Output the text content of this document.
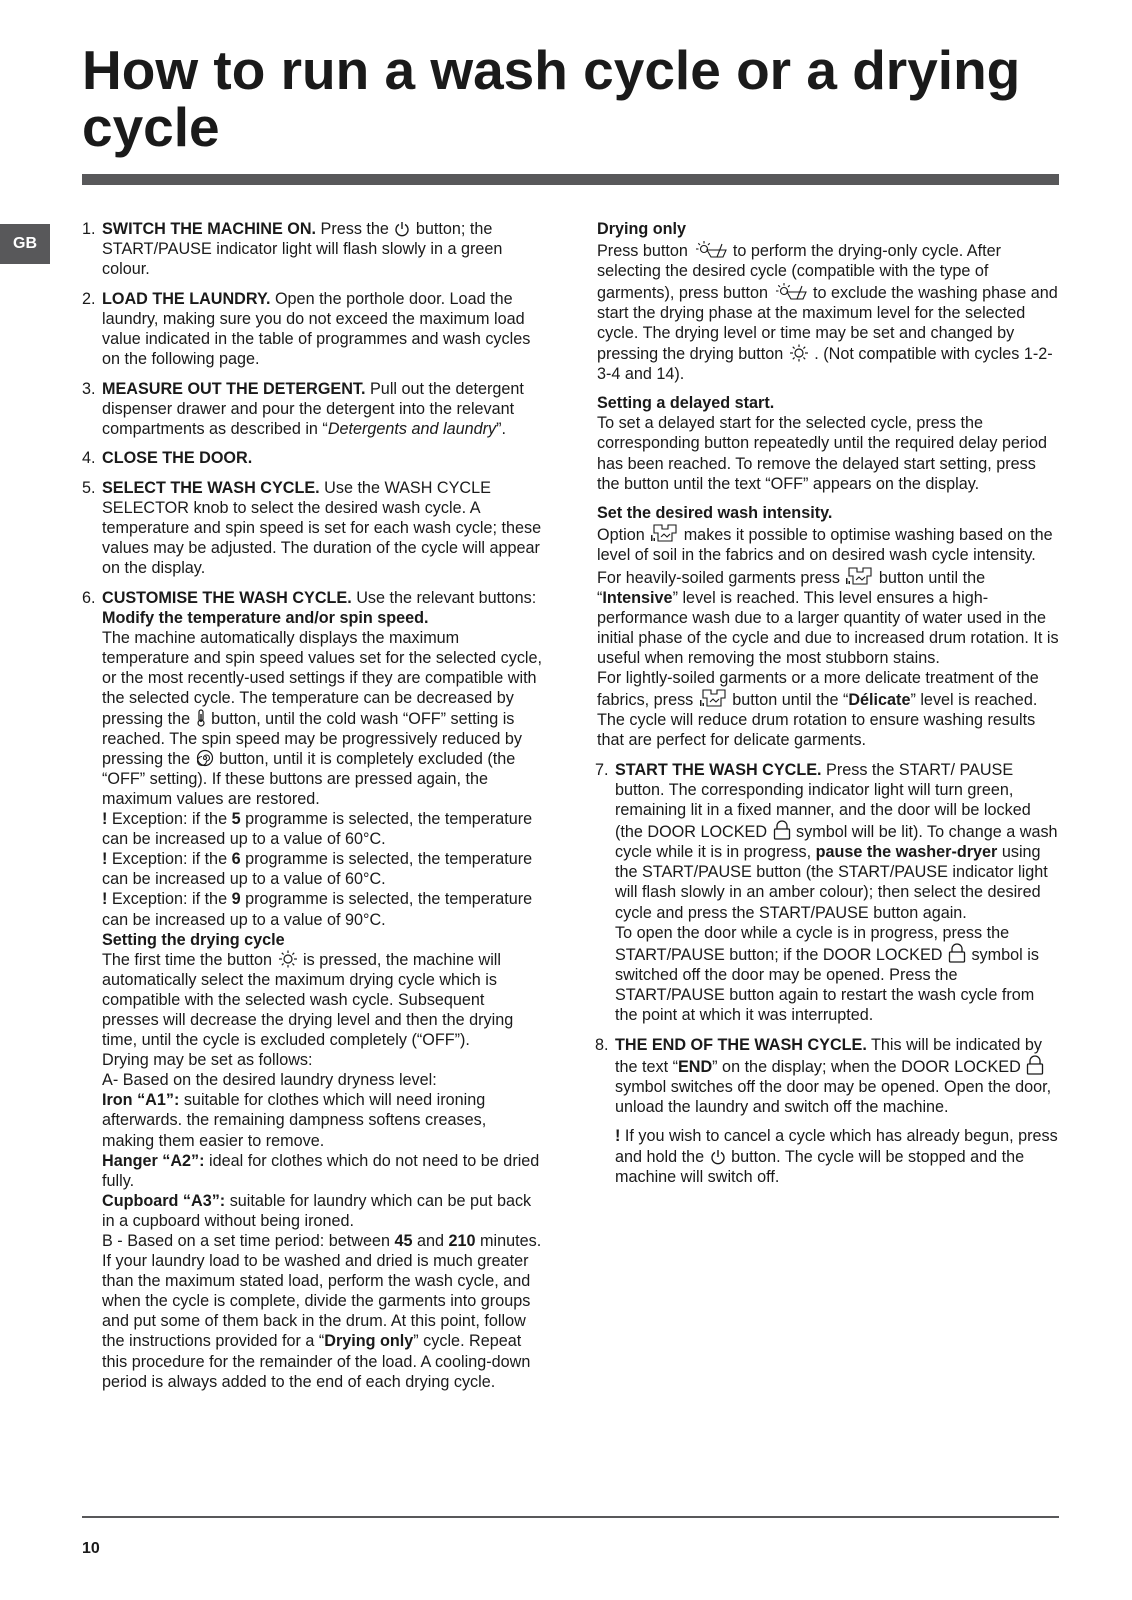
How to run a wash cycle or a drying cycle
GB
1. SWITCH THE MACHINE ON. Press the  button; the START/PAUSE indicator light will flash slowly in a green colour.

2. LOAD THE LAUNDRY. Open the porthole door. Load the laundry, making sure you do not exceed the maximum load value indicated in the table of programmes and wash cycles on the following page.

3. MEASURE OUT THE DETERGENT. Pull out the detergent dispenser drawer and pour the detergent into the relevant compartments as described in “Detergents and laundry”.

4. CLOSE THE DOOR.

5. SELECT THE WASH CYCLE. Use the WASH CYCLE SELECTOR knob to select the desired wash cycle. A temperature and spin speed is set for each wash cycle; these values may be adjusted. The duration of the cycle will appear on the display.

6. CUSTOMISE THE WASH CYCLE. Use the relevant buttons:

Modify the temperature and/or spin speed.

The machine automatically displays the maximum temperature and spin speed values set for the selected cycle, or the most recently-used settings if they are compatible with the selected cycle. The temperature can be decreased by pressing the  button, until the cold wash “OFF” setting is reached. The spin speed may be progressively reduced by pressing the  button, until it is completely excluded (the “OFF” setting). If these buttons are pressed again, the maximum values are restored.

! Exception: if the 5 programme is selected, the temperature can be increased up to a value of 60°C.

! Exception: if the 6 programme is selected, the temperature can be increased up to a value of 60°C.

! Exception: if the 9 programme is selected, the temperature can be increased up to a value of 90°C.

Setting the drying cycle

The first time the button  is pressed, the machine will automatically select the maximum drying cycle which is compatible with the selected wash cycle. Subsequent presses will decrease the drying level and then the drying time, until the cycle is excluded completely (“OFF”).

Drying may be set as follows:

A- Based on the desired laundry dryness level:

Iron “A1”: suitable for clothes which will need ironing afterwards. the remaining dampness softens creases, making them easier to remove.

Hanger “A2”: ideal for clothes which do not need to be dried fully.

Cupboard “A3”: suitable for laundry which can be put back in a cupboard without being ironed.

B - Based on a set time period: between 45 and 210 minutes.

If your laundry load to be washed and dried is much greater than the maximum stated load, perform the wash cycle, and when the cycle is complete, divide the garments into groups and put some of them back in the drum. At this point, follow the instructions provided for a “Drying only” cycle. Repeat this procedure for the remainder of the load. A cooling-down period is always added to the end of each drying cycle.

Drying only

Press button  to perform the drying-only cycle. After selecting the desired cycle (compatible with the type of garments), press button  to exclude the washing phase and start the drying phase at the maximum level for the selected cycle. The drying level or time may be set and changed by pressing the drying button  . (Not compatible with cycles 1-2-3-4 and 14).

Setting a delayed start.

To set a delayed start for the selected cycle, press the corresponding button repeatedly until the required delay period has been reached. To remove the delayed start setting, press the button until the text “OFF” appears on the display.

Set the desired wash intensity.

Option  makes it possible to optimise washing based on the level of soil in the fabrics and on desired wash cycle intensity. For heavily-soiled garments press  button until the “Intensive” level is reached. This level ensures a high-performance wash due to a larger quantity of water used in the initial phase of the cycle and due to increased drum rotation. It is useful when removing the most stubborn stains.

For lightly-soiled garments or a more delicate treatment of the fabrics, press  button until the “Délicate” level is reached. The cycle will reduce drum rotation to ensure washing results that are perfect for delicate garments.

7. START THE WASH CYCLE. Press the START/ PAUSE button. The corresponding indicator light will turn green, remaining lit in a fixed manner, and the door will be locked (the DOOR LOCKED  symbol will be lit). To change a wash cycle while it is in progress, pause the washer-dryer using the START/PAUSE button (the START/PAUSE indicator light will flash slowly in an amber colour); then select the desired cycle and press the START/PAUSE button again.

To open the door while a cycle is in progress, press the START/PAUSE button; if the DOOR LOCKED  symbol is switched off the door may be opened. Press the START/PAUSE button again to restart the wash cycle from the point at which it was interrupted.

8. THE END OF THE WASH CYCLE. This will be indicated by the text “END” on the display; when the DOOR LOCKED  symbol switches off the door may be opened. Open the door, unload the laundry and switch off the machine.

! If you wish to cancel a cycle which has already begun, press and hold the  button. The cycle will be stopped and the machine will switch off.

10
